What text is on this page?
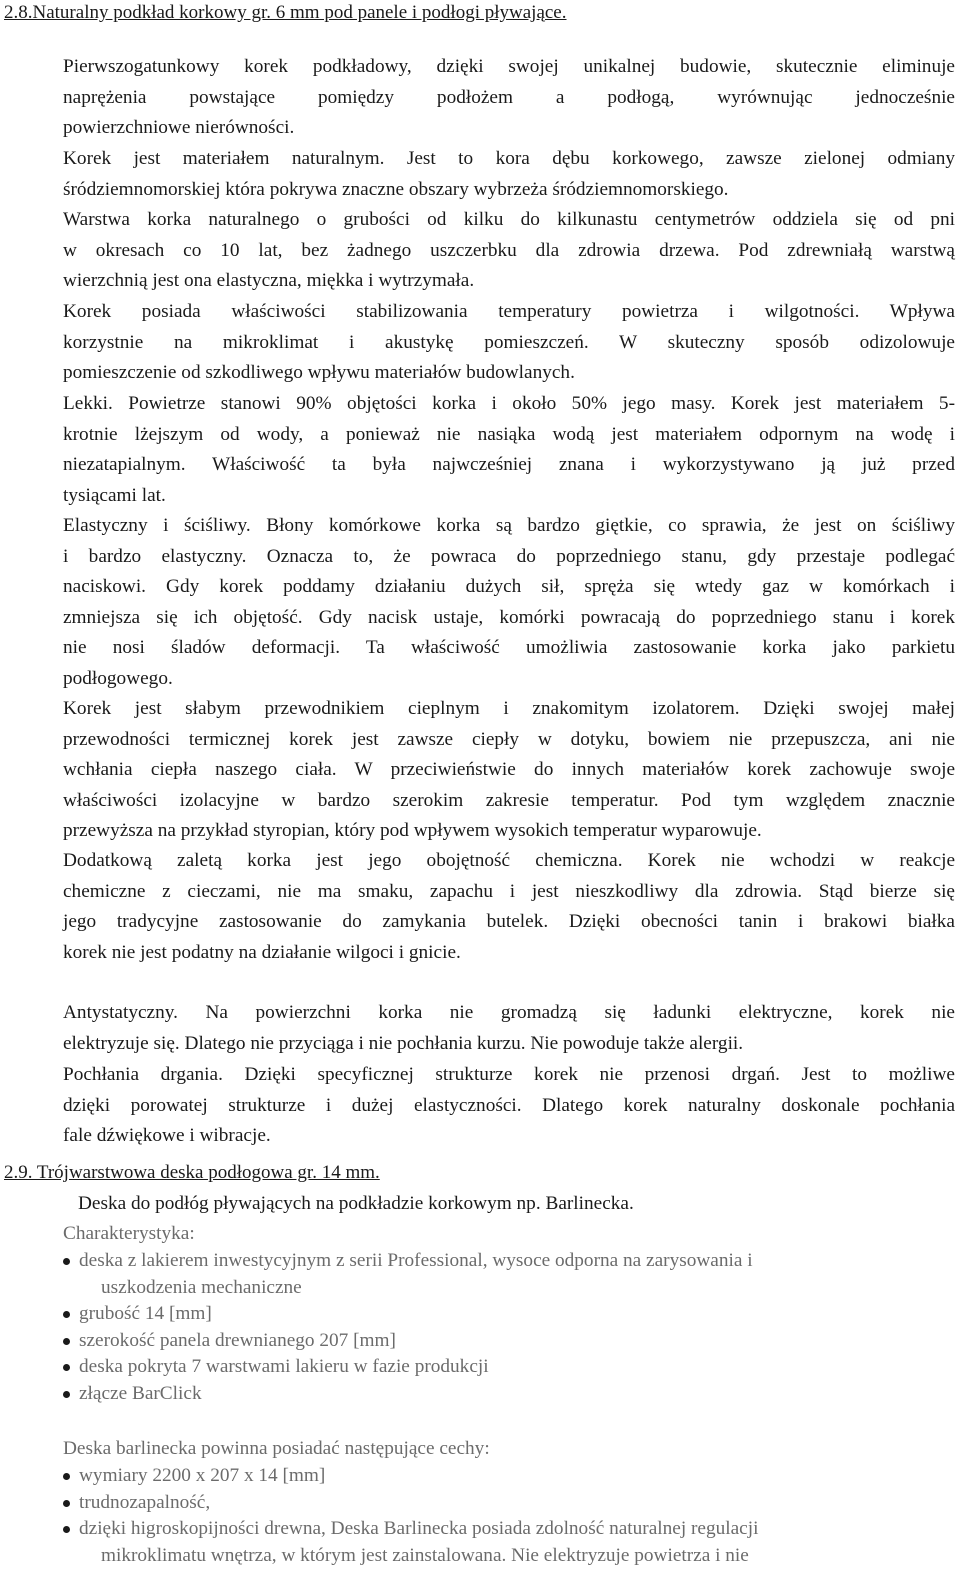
2.8.Naturalny podkład korkowy gr. 6 mm pod panele i podłogi pływające.
Pierwszogatunkowy korek podkładowy, dzięki swojej unikalnej budowie, skutecznie eliminuje
naprężenia powstające pomiędzy podłożem a podłogą, wyrównując jednocześnie
powierzchniowe nierówności.
Korek jest materiałem naturalnym. Jest to kora dębu korkowego, zawsze zielonej odmiany
śródziemnomorskiej która pokrywa znaczne obszary wybrzeża śródziemnomorskiego.
Warstwa korka naturalnego o grubości od kilku do kilkunastu centymetrów oddziela się od pni
w okresach co 10 lat, bez żadnego uszczerbku dla zdrowia drzewa. Pod zdrewniałą warstwą
wierzchnią jest ona elastyczna, miękka i wytrzymała.
Korek posiada właściwości stabilizowania temperatury powietrza i wilgotności. Wpływa
korzystnie na mikroklimat i akustykę pomieszczeń. W skuteczny sposób odizolowuje
pomieszczenie od szkodliwego wpływu materiałów budowlanych.
Lekki. Powietrze stanowi 90% objętości korka i około 50% jego masy. Korek jest materiałem 5-
krotnie lżejszym od wody, a ponieważ nie nasiąka wodą jest materiałem odpornym na wodę i
niezatapialnym. Właściwość ta była najwcześniej znana i wykorzystywano ją już przed
tysiącami lat.
Elastyczny i ściśliwy. Błony komórkowe korka są bardzo giętkie, co sprawia, że jest on ściśliwy
i bardzo elastyczny. Oznacza to, że powraca do poprzedniego stanu, gdy przestaje podlegać
naciskowi. Gdy korek poddamy działaniu dużych sił, spręża się wtedy gaz w komórkach i
zmniejsza się ich objętość. Gdy nacisk ustaje, komórki powracają do poprzedniego stanu i korek
nie nosi śladów deformacji. Ta właściwość umożliwia zastosowanie korka jako parkietu
podłogowego.
Korek jest słabym przewodnikiem cieplnym i znakomitym izolatorem. Dzięki swojej małej
przewodności termicznej korek jest zawsze ciepły w dotyku, bowiem nie przepuszcza, ani nie
wchłania ciepła naszego ciała. W przeciwieństwie do innych materiałów korek zachowuje swoje
właściwości izolacyjne w bardzo szerokim zakresie temperatur. Pod tym względem znacznie
przewyższa na przykład styropian, który pod wpływem wysokich temperatur wyparowuje.
Dodatkową zaletą korka jest jego obojętność chemiczna. Korek nie wchodzi w reakcje
chemiczne z cieczami, nie ma smaku, zapachu i jest nieszkodliwy dla zdrowia. Stąd bierze się
jego tradycyjne zastosowanie do zamykania butelek. Dzięki obecności tanin i brakowi białka
korek nie jest podatny na działanie wilgoci i gnicie.
Antystatyczny. Na powierzchni korka nie gromadzą się ładunki elektryczne, korek nie
elektryzuje się. Dlatego nie przyciąga i nie pochłania kurzu. Nie powoduje także alergii.
Pochłania drgania. Dzięki specyficznej strukturze korek nie przenosi drgań. Jest to możliwe
dzięki porowatej strukturze i dużej elastyczności. Dlatego korek naturalny doskonale pochłania
fale dźwiękowe i wibracje.
2.9. Trójwarstwowa deska podłogowa gr. 14 mm.
Deska do podłóg pływających na podkładzie korkowym np. Barlinecka.
Charakterystyka:
deska z lakierem inwestycyjnym z serii Professional, wysoce odporna na zarysowania i
uszkodzenia mechaniczne
grubość 14 [mm]
szerokość panela drewnianego 207 [mm]
deska pokryta 7 warstwami lakieru w fazie produkcji
złącze BarClick
Deska barlinecka powinna posiadać następujące cechy:
wymiary 2200 x 207 x 14 [mm]
trudnozapalność,
dzięki higroskopijności drewna, Deska Barlinecka posiada zdolność naturalnej regulacji
mikroklimatu wnętrza, w którym jest zainstalowana. Nie elektryzuje powietrza i nie
